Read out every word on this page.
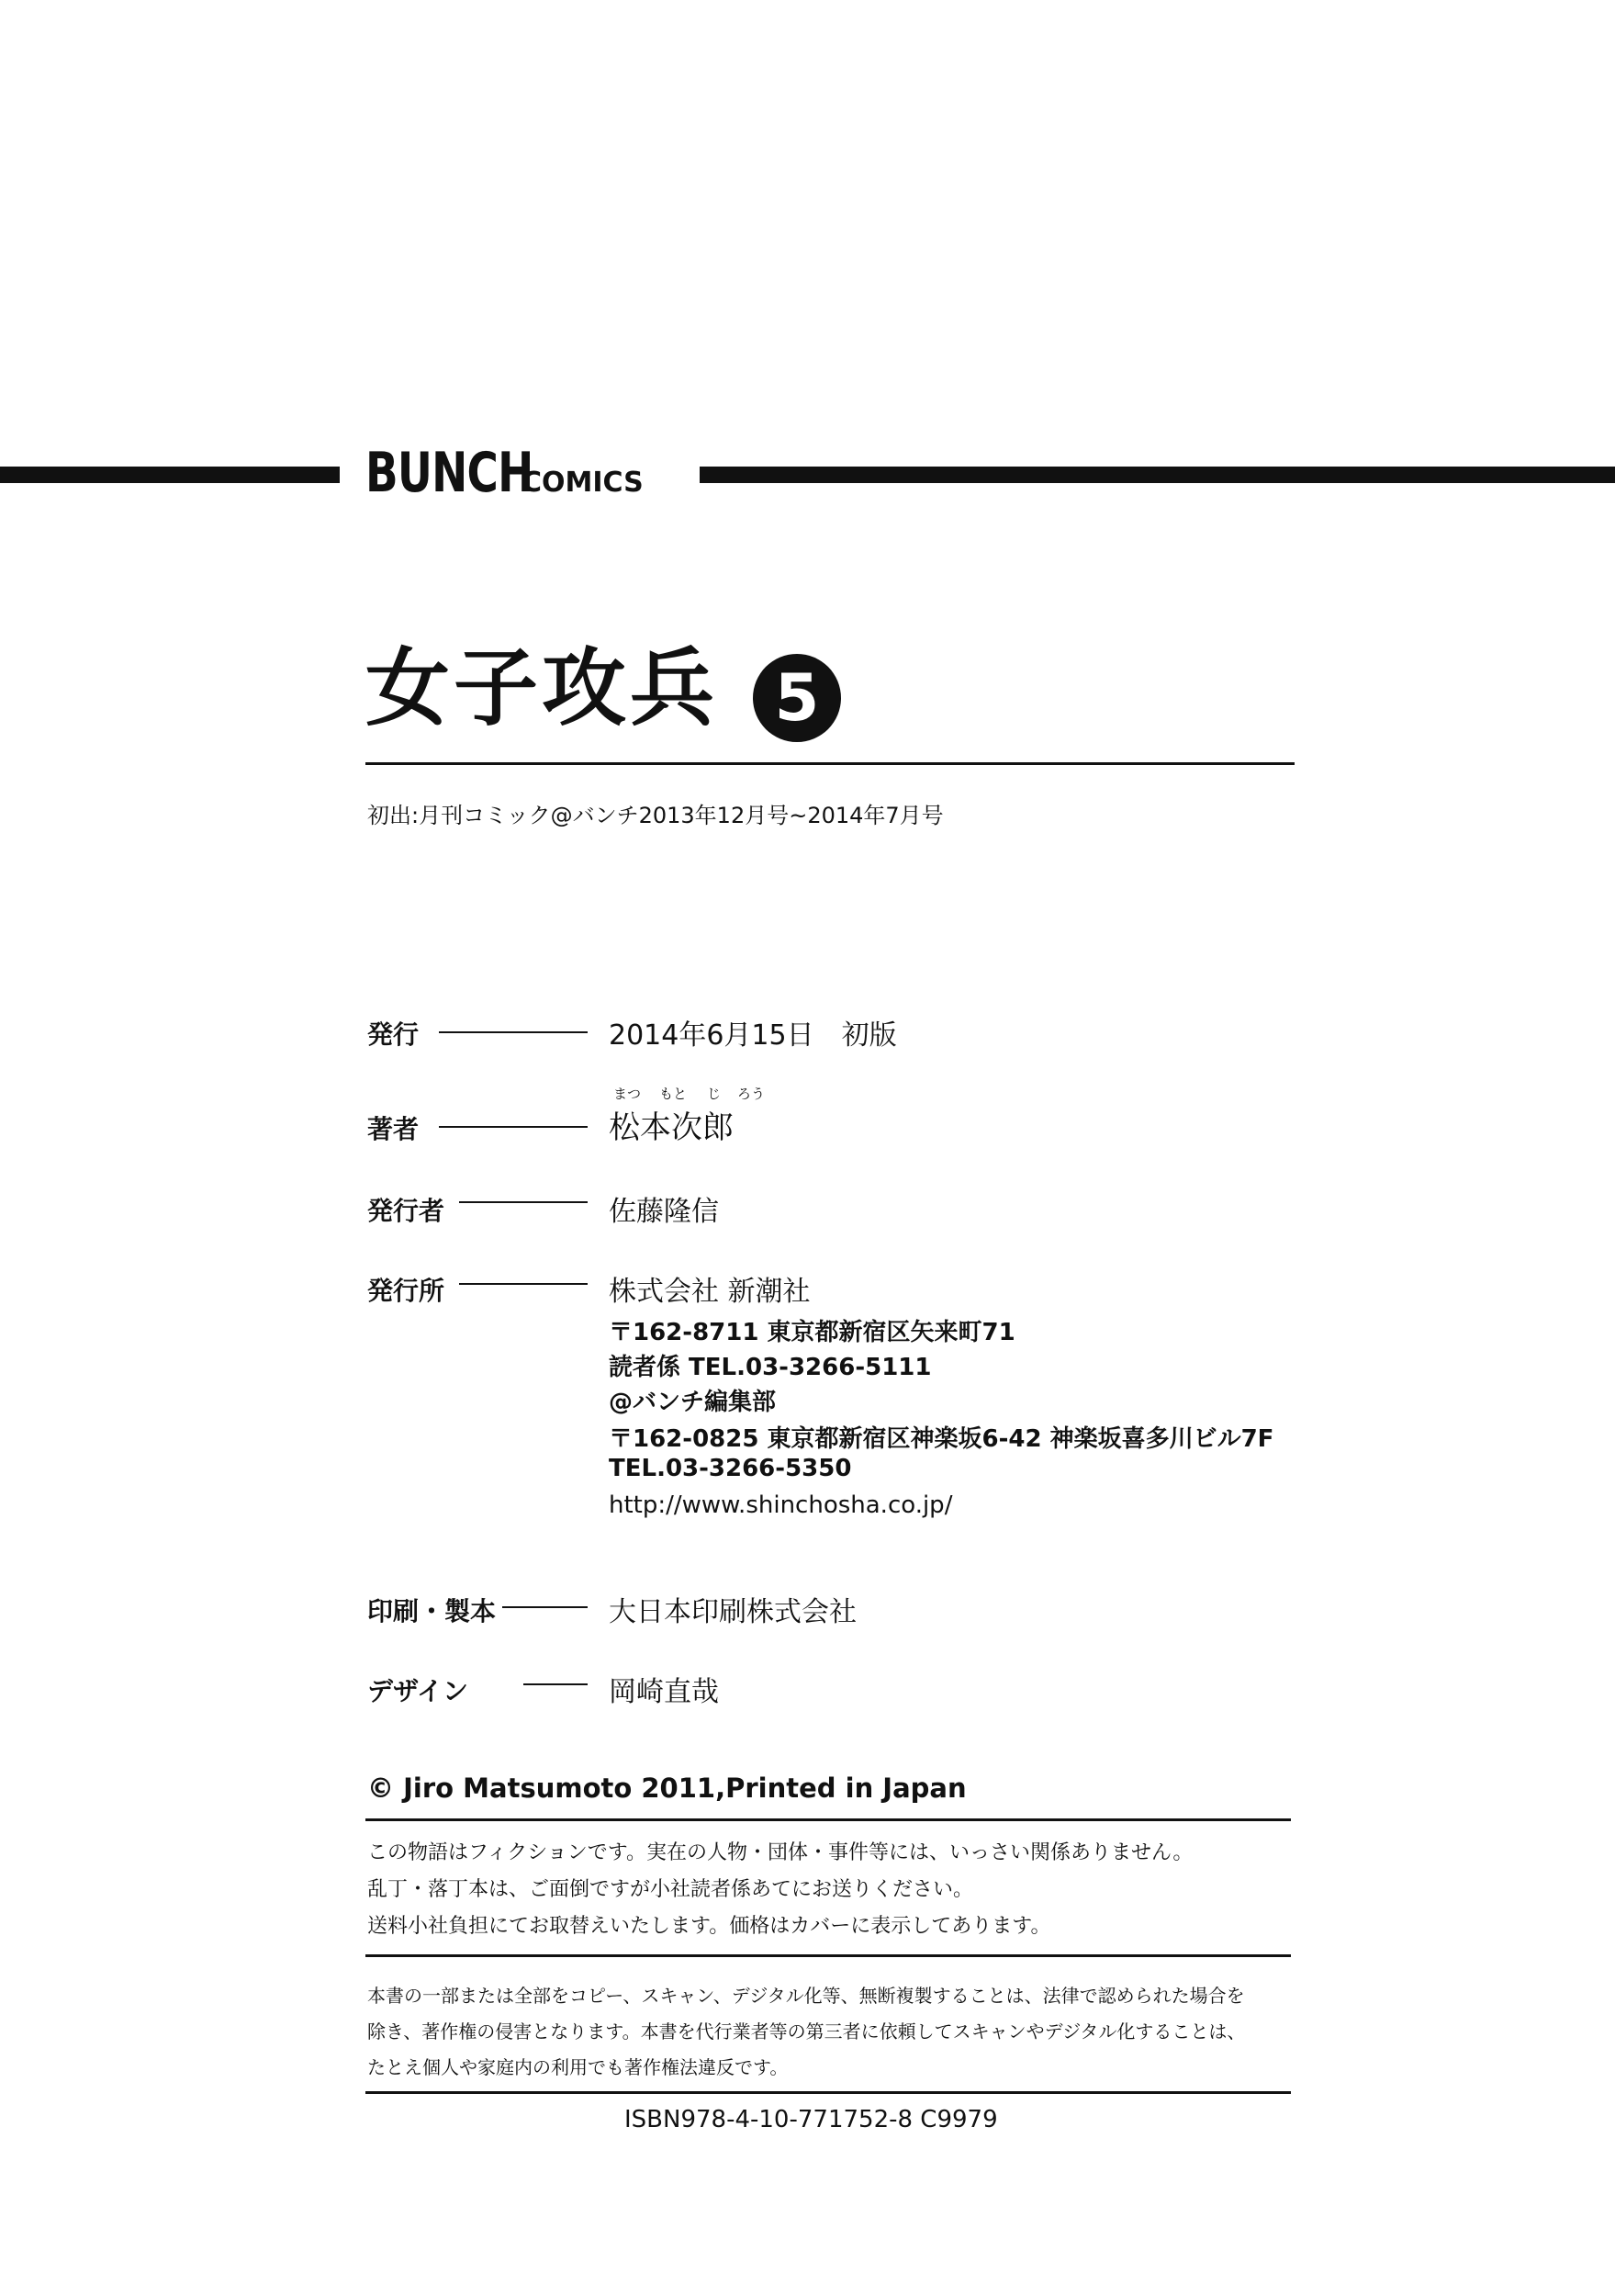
BUNCH
COMICS
女子攻兵 5
初出:月刊コミック@バンチ2013年12月号~2014年7月号
発行	2014年6月15日　初版
まつ もと じ ろう
著者	松本次郎
発行者	佐藤隆信
発行所	株式会社 新潮社
〒162-8711 東京都新宿区矢来町71
読者係 TEL.03-3266-5111
@バンチ編集部
〒162-0825 東京都新宿区神楽坂6-42 神楽坂喜多川ビル7F
TEL.03-3266-5350
http://www.shinchosha.co.jp/
印刷・製本	大日本印刷株式会社
デザイン	岡崎直哉
© Jiro Matsumoto 2011,Printed in Japan
この物語はフィクションです。実在の人物・団体・事件等には、いっさい関係ありません。
乱丁・落丁本は、ご面倒ですが小社読者係あてにお送りください。
送料小社負担にてお取替えいたします。価格はカバーに表示してあります。
本書の一部または全部をコピー、スキャン、デジタル化等、無断複製することは、法律で認められた場合を
除き、著作権の侵害となります。本書を代行業者等の第三者に依頼してスキャンやデジタル化することは、
たとえ個人や家庭内の利用でも著作権法違反です。
ISBN978-4-10-771752-8 C9979
